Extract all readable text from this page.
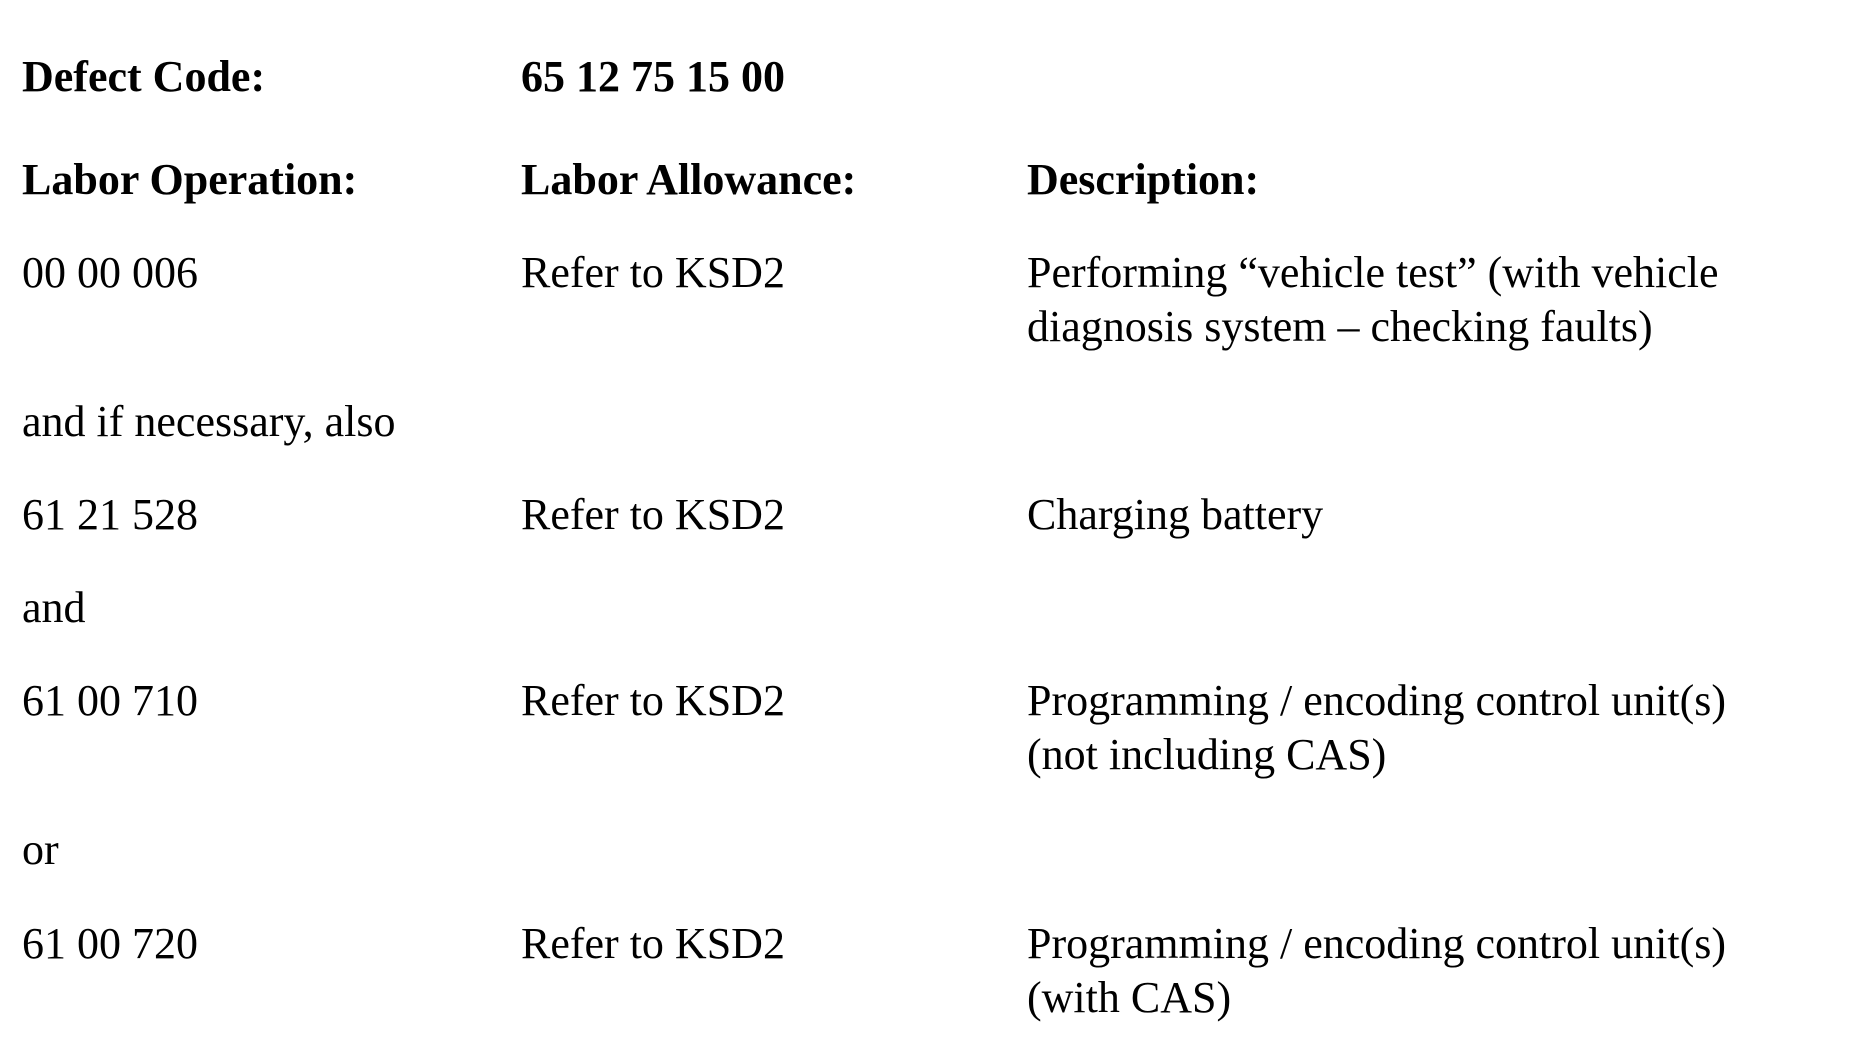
Defect Code:	65 12 75 15 00
Labor Operation:	Labor Allowance:	Description:
00 00 006	Refer to KSD2	Performing “vehicle test” (with vehicle
diagnosis system – checking faults)
and if necessary, also
61 21 528	Refer to KSD2	Charging battery
and
61 00 710	Refer to KSD2	Programming / encoding control unit(s)
(not including CAS)
or
61 00 720	Refer to KSD2	Programming / encoding control unit(s)
(with CAS)
